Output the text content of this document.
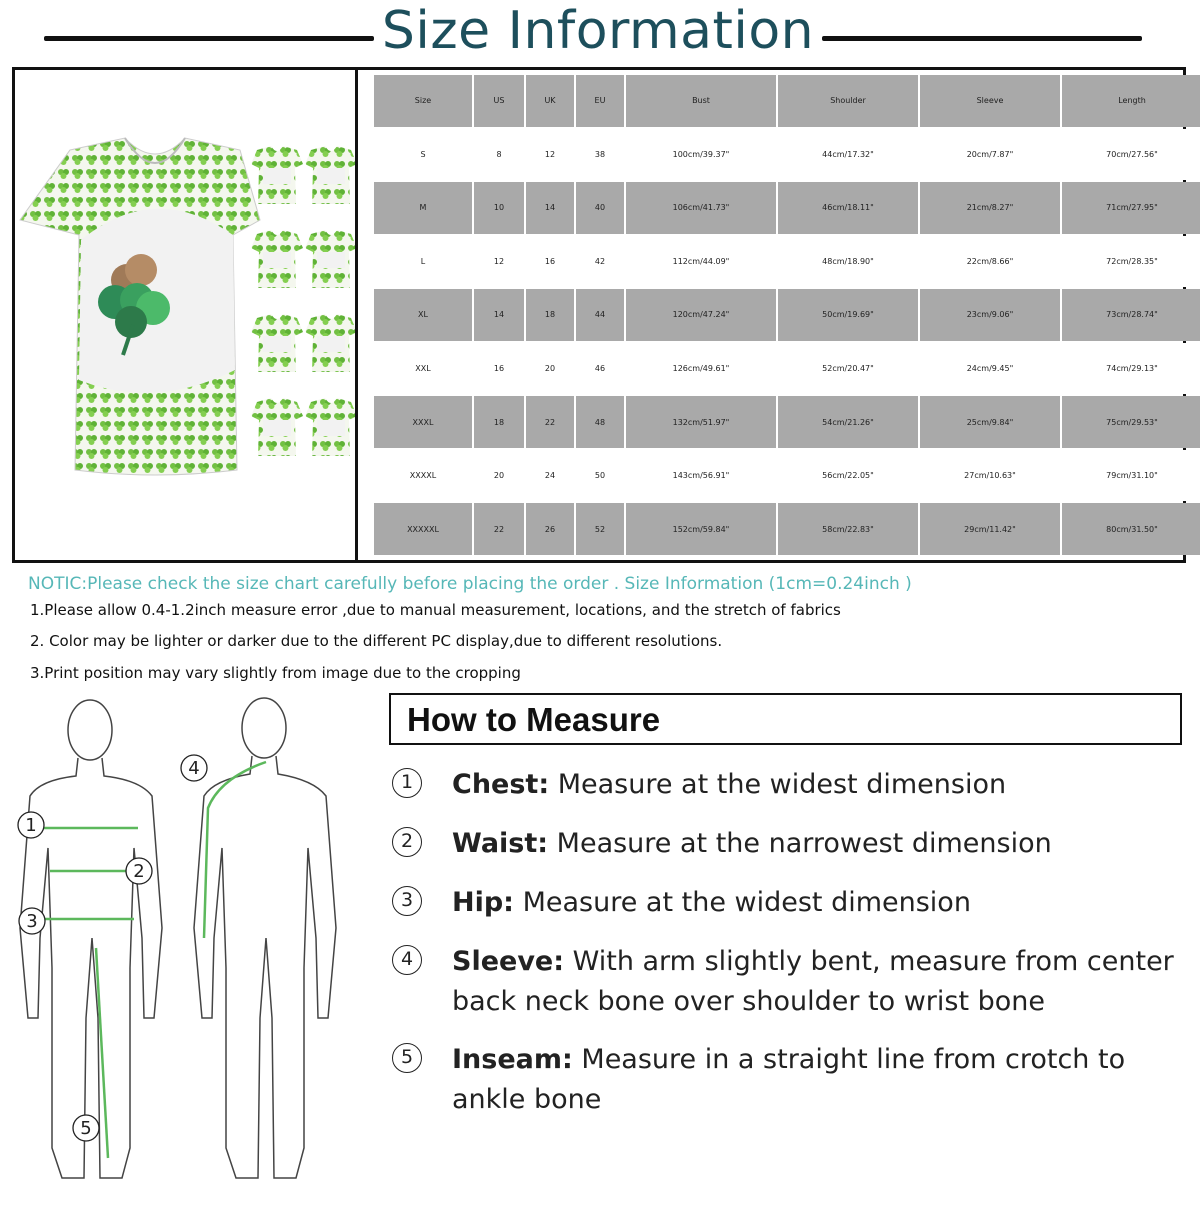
Size Information
Size	US	UK	EU	Bust	Shoulder	Sleeve	Length
S	8	12	38	100cm/39.37"	44cm/17.32"	20cm/7.87"	70cm/27.56"
M	10	14	40	106cm/41.73"	46cm/18.11"	21cm/8.27"	71cm/27.95"
L	12	16	42	112cm/44.09"	48cm/18.90"	22cm/8.66"	72cm/28.35"
XL	14	18	44	120cm/47.24"	50cm/19.69"	23cm/9.06"	73cm/28.74"
XXL	16	20	46	126cm/49.61"	52cm/20.47"	24cm/9.45"	74cm/29.13"
XXXL	18	22	48	132cm/51.97"	54cm/21.26"	25cm/9.84"	75cm/29.53"
XXXXL	20	24	50	143cm/56.91"	56cm/22.05"	27cm/10.63"	79cm/31.10"
XXXXXL	22	26	52	152cm/59.84"	58cm/22.83"	29cm/11.42"	80cm/31.50"
NOTIC:Please check the size chart carefully before placing the order . Size Information (1cm=0.24inch )
1.Please allow 0.4-1.2inch measure error ,due to manual measurement, locations, and the stretch of fabrics
2. Color may be lighter or darker due to the different PC display,due to different resolutions.
3.Print position may vary slightly from image due to the cropping
1
2
3
4
5
How to Measure
1	Chest: Measure at the widest dimension
2	Waist: Measure at the narrowest dimension
3	Hip: Measure at the widest dimension
4	Sleeve: With arm slightly bent, measure from center back neck bone over shoulder to wrist bone
5	Inseam: Measure in a straight line from crotch to ankle bone
